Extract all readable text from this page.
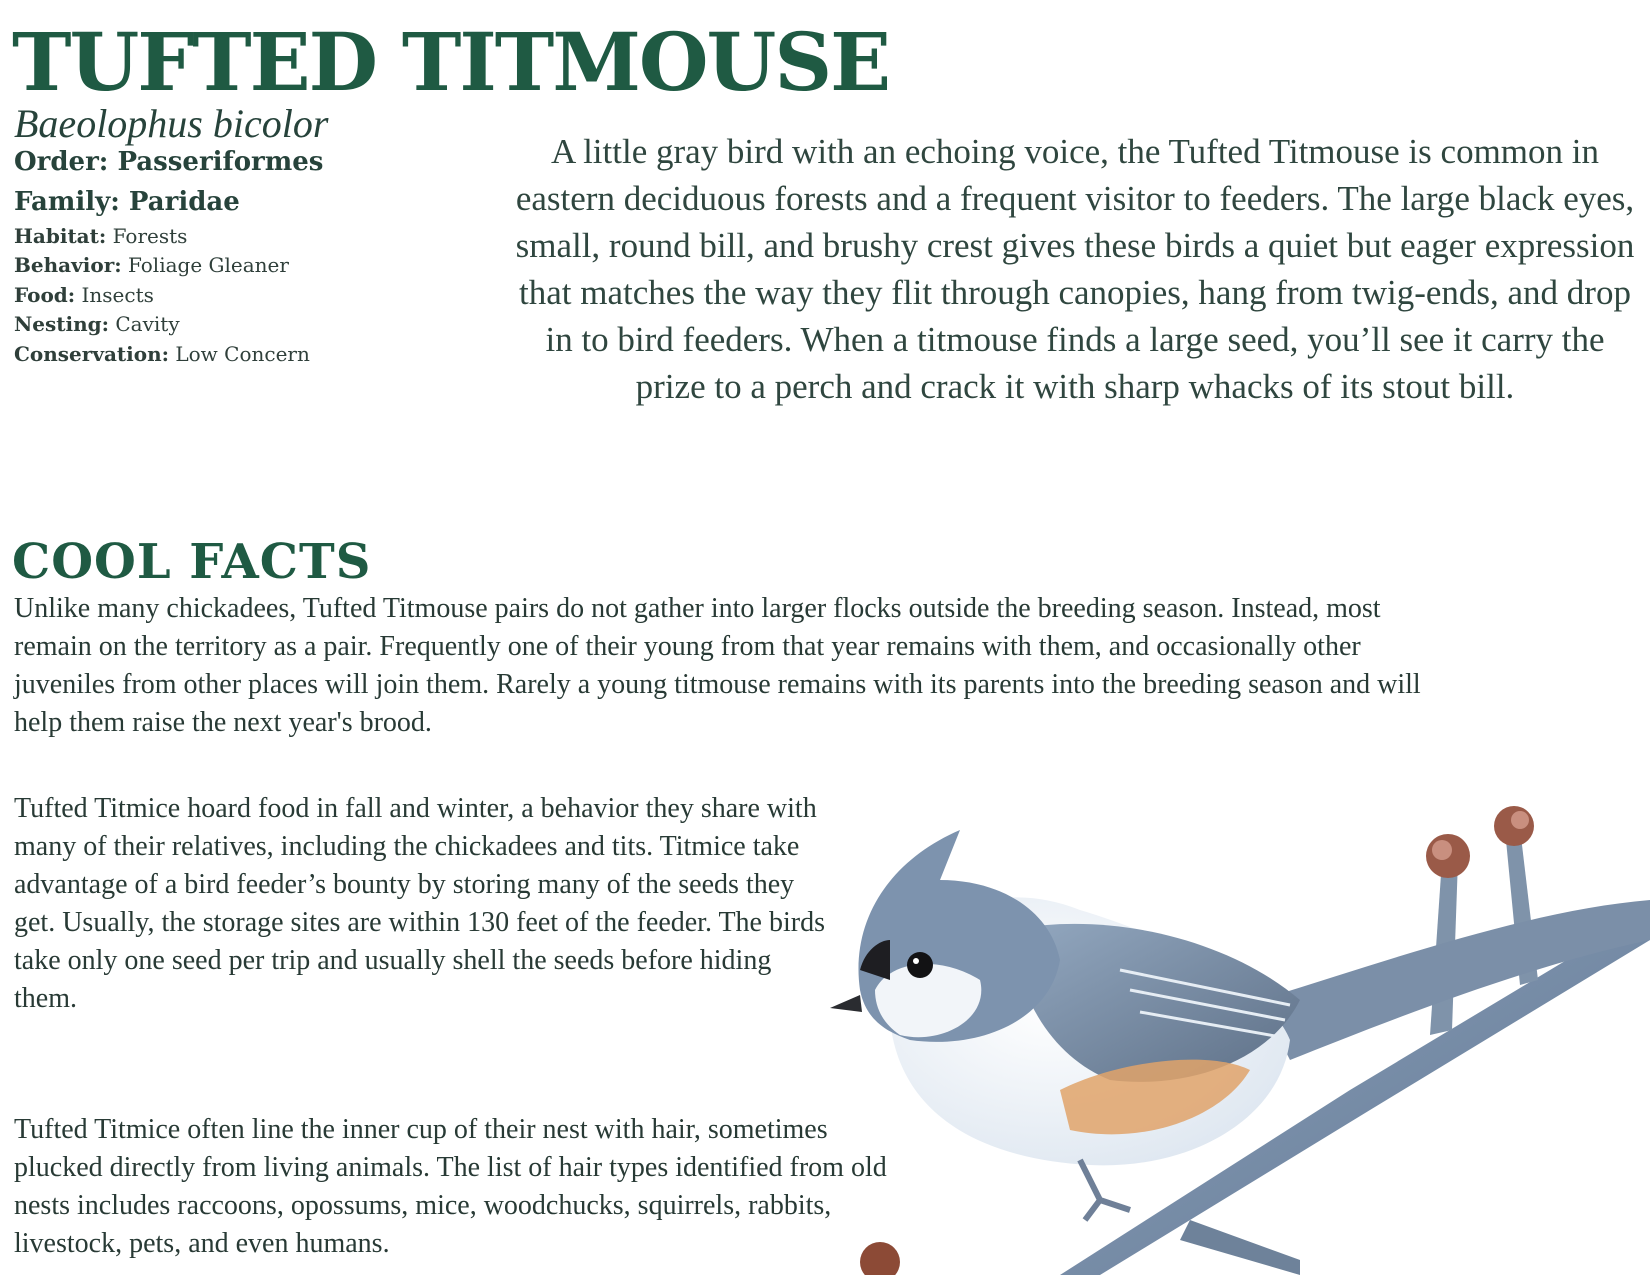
TUFTED TITMOUSE
Baeolophus bicolor
Order: Passeriformes
Family: Paridae
Habitat: Forests
Behavior: Foliage Gleaner
Food: Insects
Nesting: Cavity
Conservation: Low Concern

A little gray bird with an echoing voice, the Tufted Titmouse is common in eastern deciduous forests and a frequent visitor to feeders. The large black eyes, small, round bill, and brushy crest gives these birds a quiet but eager expression that matches the way they flit through canopies, hang from twig-ends, and drop in to bird feeders. When a titmouse finds a large seed, you’ll see it carry the prize to a perch and crack it with sharp whacks of its stout bill.

COOL FACTS

Unlike many chickadees, Tufted Titmouse pairs do not gather into larger flocks outside the breeding season. Instead, most remain on the territory as a pair. Frequently one of their young from that year remains with them, and occasionally other juveniles from other places will join them. Rarely a young titmouse remains with its parents into the breeding season and will help them raise the next year's brood.

Tufted Titmice hoard food in fall and winter, a behavior they share with many of their relatives, including the chickadees and tits. Titmice take advantage of a bird feeder’s bounty by storing many of the seeds they get. Usually, the storage sites are within 130 feet of the feeder. The birds take only one seed per trip and usually shell the seeds before hiding them.

Tufted Titmice often line the inner cup of their nest with hair, sometimes plucked directly from living animals. The list of hair types identified from old nests includes raccoons, opossums, mice, woodchucks, squirrels, rabbits, livestock, pets, and even humans.
